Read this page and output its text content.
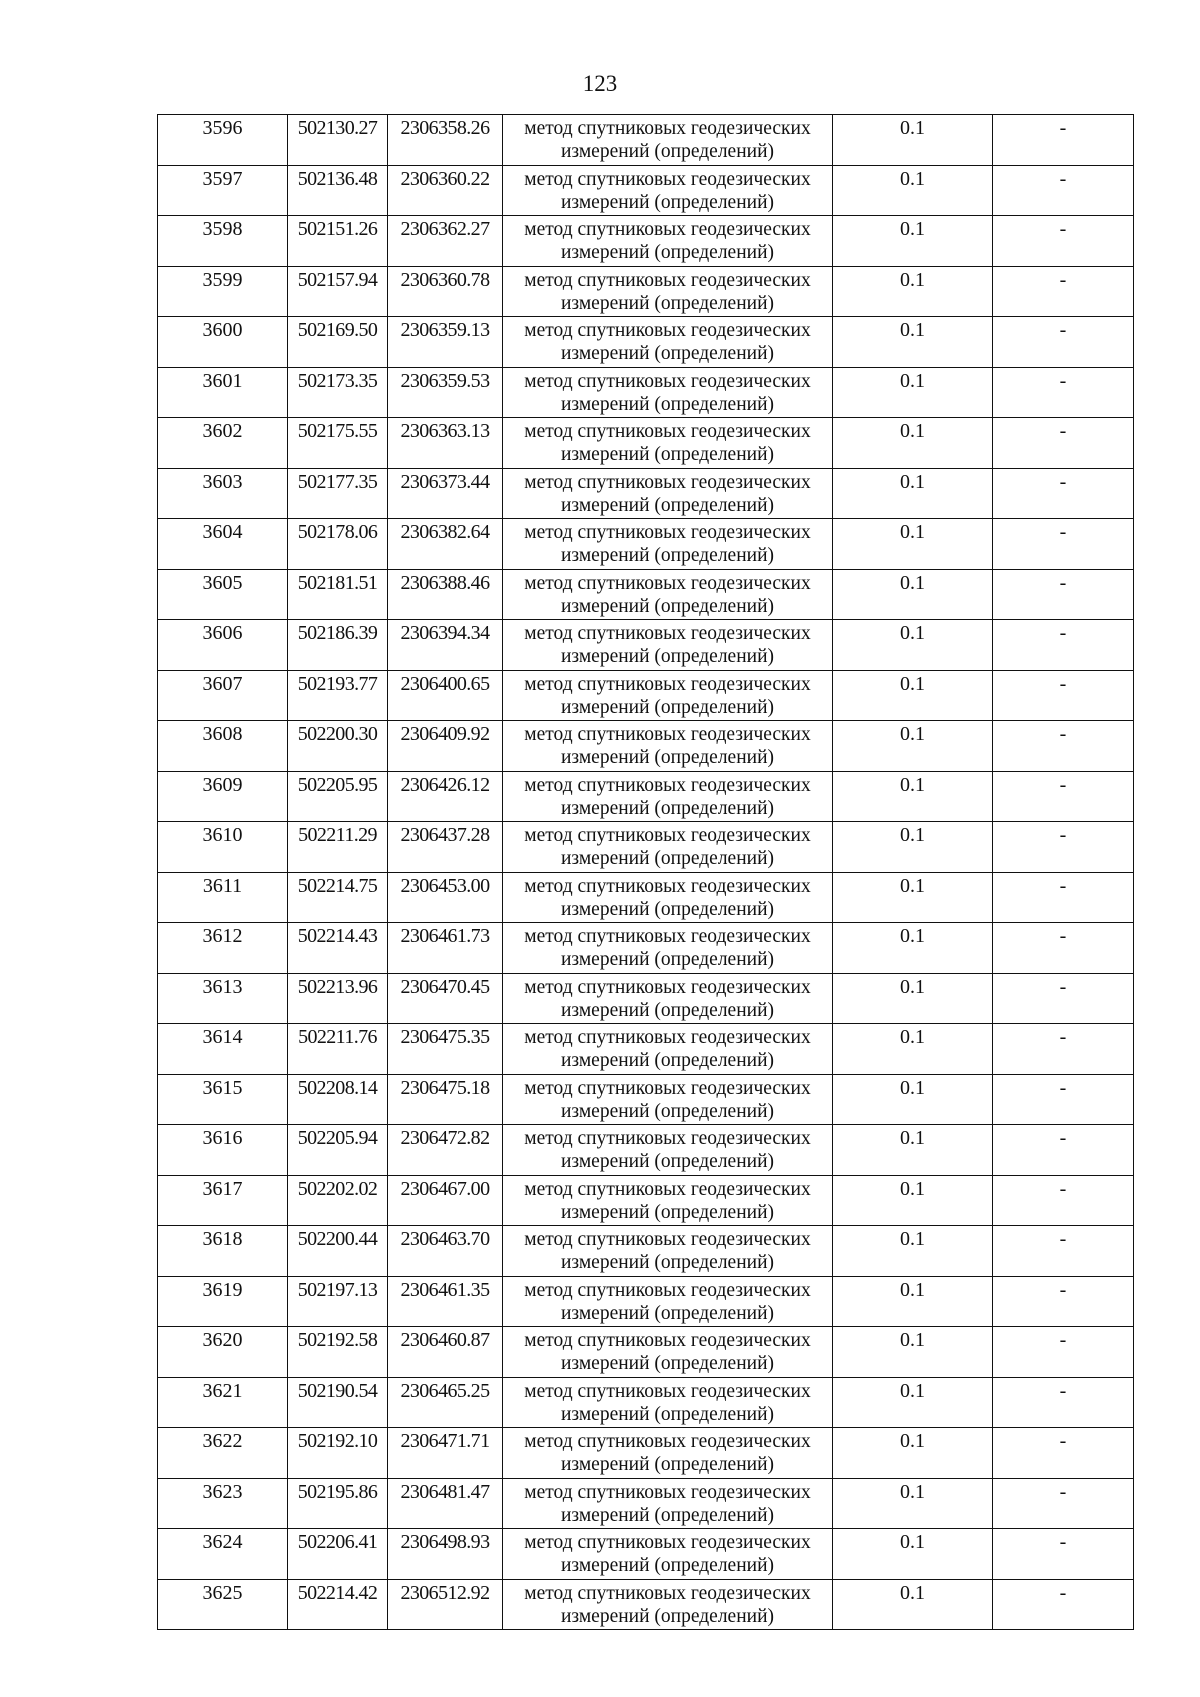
123
3596	502130.27	2306358.26	метод спутниковых геодезических
измерений (определений)	0.1	-
3597	502136.48	2306360.22	метод спутниковых геодезических
измерений (определений)	0.1	-
3598	502151.26	2306362.27	метод спутниковых геодезических
измерений (определений)	0.1	-
3599	502157.94	2306360.78	метод спутниковых геодезических
измерений (определений)	0.1	-
3600	502169.50	2306359.13	метод спутниковых геодезических
измерений (определений)	0.1	-
3601	502173.35	2306359.53	метод спутниковых геодезических
измерений (определений)	0.1	-
3602	502175.55	2306363.13	метод спутниковых геодезических
измерений (определений)	0.1	-
3603	502177.35	2306373.44	метод спутниковых геодезических
измерений (определений)	0.1	-
3604	502178.06	2306382.64	метод спутниковых геодезических
измерений (определений)	0.1	-
3605	502181.51	2306388.46	метод спутниковых геодезических
измерений (определений)	0.1	-
3606	502186.39	2306394.34	метод спутниковых геодезических
измерений (определений)	0.1	-
3607	502193.77	2306400.65	метод спутниковых геодезических
измерений (определений)	0.1	-
3608	502200.30	2306409.92	метод спутниковых геодезических
измерений (определений)	0.1	-
3609	502205.95	2306426.12	метод спутниковых геодезических
измерений (определений)	0.1	-
3610	502211.29	2306437.28	метод спутниковых геодезических
измерений (определений)	0.1	-
3611	502214.75	2306453.00	метод спутниковых геодезических
измерений (определений)	0.1	-
3612	502214.43	2306461.73	метод спутниковых геодезических
измерений (определений)	0.1	-
3613	502213.96	2306470.45	метод спутниковых геодезических
измерений (определений)	0.1	-
3614	502211.76	2306475.35	метод спутниковых геодезических
измерений (определений)	0.1	-
3615	502208.14	2306475.18	метод спутниковых геодезических
измерений (определений)	0.1	-
3616	502205.94	2306472.82	метод спутниковых геодезических
измерений (определений)	0.1	-
3617	502202.02	2306467.00	метод спутниковых геодезических
измерений (определений)	0.1	-
3618	502200.44	2306463.70	метод спутниковых геодезических
измерений (определений)	0.1	-
3619	502197.13	2306461.35	метод спутниковых геодезических
измерений (определений)	0.1	-
3620	502192.58	2306460.87	метод спутниковых геодезических
измерений (определений)	0.1	-
3621	502190.54	2306465.25	метод спутниковых геодезических
измерений (определений)	0.1	-
3622	502192.10	2306471.71	метод спутниковых геодезических
измерений (определений)	0.1	-
3623	502195.86	2306481.47	метод спутниковых геодезических
измерений (определений)	0.1	-
3624	502206.41	2306498.93	метод спутниковых геодезических
измерений (определений)	0.1	-
3625	502214.42	2306512.92	метод спутниковых геодезических
измерений (определений)	0.1	-
